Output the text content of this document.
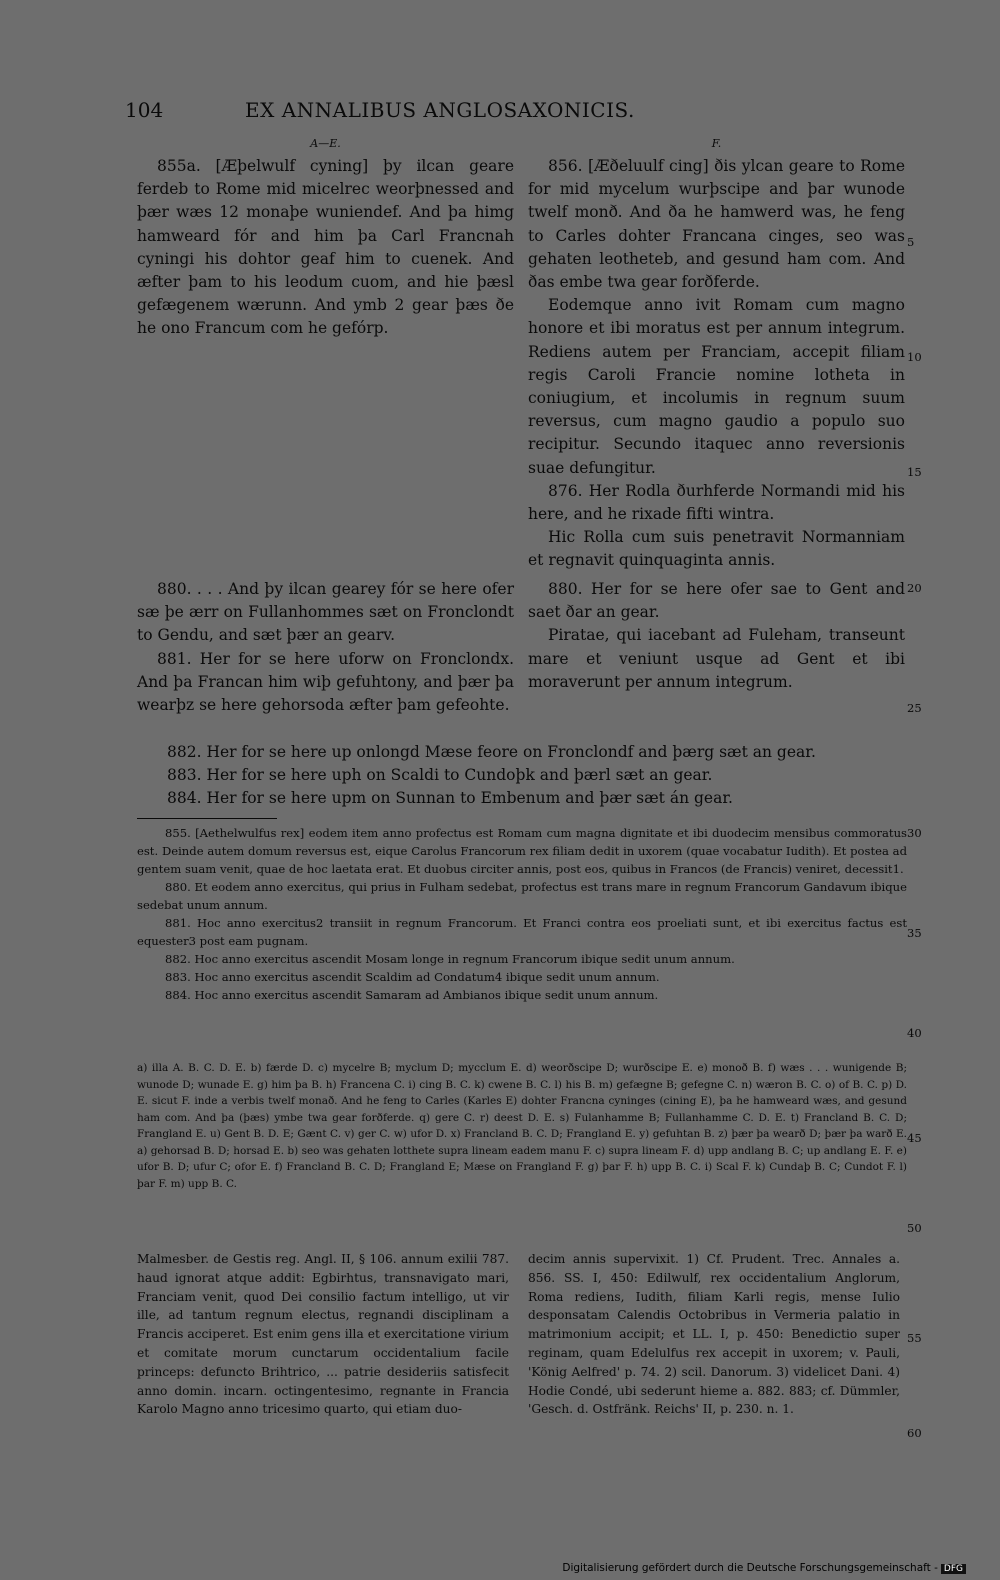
104	EX ANNALIBUS ANGLOSAXONICIS.
A—E.	F.

855a. [Æþelwulf cyning] þy ilcan geare ferdeb to Rome mid micelrec weorþnessed and þær wæs 12 monaþe wuniendef. And þa himg hamweard fór and him þa Carl Francnah cyningi his dohtor geaf him to cuenek. And æfter þam to his leodum cuom, and hie þæsl gefægenem wærunn. And ymb 2 gear þæs ðe he ono Francum com he gefórp.

856. [Æðeluulf cing] ðis ylcan geare to Rome for mid mycelum wurþscipe and þar wunode twelf monð. And ða he hamwerd was, he feng to Carles dohter Francana cinges, seo was gehaten leotheteb, and gesund ham com. And ðas embe twa gear forðferde.

Eodemque anno ivit Romam cum magno honore et ibi moratus est per annum integrum. Rediens autem per Franciam, accepit filiam regis Caroli Francie nomine lotheta in coniugium, et incolumis in regnum suum reversus, cum magno gaudio a populo suo recipitur. Secundo itaquec anno reversionis suae defungitur.

876. Her Rodla ðurhferde Normandi mid his here, and he rixade fifti wintra.

Hic Rolla cum suis penetravit Normanniam et regnavit quinquaginta annis.

880. . . . And þy ilcan gearey fór se here ofer sæ þe ærr on Fullanhommes sæt on Fronclondt to Gendu, and sæt þær an gearv.

881. Her for se here uforw on Fronclondx. And þa Francan him wiþ gefuhtony, and þær þa wearþz se here gehorsoda æfter þam gefeohte.

880. Her for se here ofer sae to Gent and saet ðar an gear.

Piratae, qui iacebant ad Fuleham, transeunt mare et veniunt usque ad Gent et ibi moraverunt per annum integrum.

882. Her for se here up onlongd Mæse feore on Fronclondf and þærg sæt an gear.

883. Her for se here uph on Scaldi to Cundoþk and þærl sæt an gear.

884. Her for se here upm on Sunnan to Embenum and þær sæt án gear.

855. [Aethelwulfus rex] eodem item anno profectus est Romam cum magna dignitate et ibi duodecim mensibus commoratus est. Deinde autem domum reversus est, eique Carolus Francorum rex filiam dedit in uxorem (quae vocabatur Iudith). Et postea ad gentem suam venit, quae de hoc laetata erat. Et duobus circiter annis, post eos, quibus in Francos (de Francis) veniret, decessit1.

880. Et eodem anno exercitus, qui prius in Fulham sedebat, profectus est trans mare in regnum Francorum Gandavum ibique sedebat unum annum.

881. Hoc anno exercitus2 transiit in regnum Francorum. Et Franci contra eos proeliati sunt, et ibi exercitus factus est equester3 post eam pugnam.

882. Hoc anno exercitus ascendit Mosam longe in regnum Francorum ibique sedit unum annum.

883. Hoc anno exercitus ascendit Scaldim ad Condatum4 ibique sedit unum annum.

884. Hoc anno exercitus ascendit Samaram ad Ambianos ibique sedit unum annum.

a) illa A. B. C. D. E. b) færde D. c) mycelre B; myclum D; mycclum E. d) weorðscipe D; wurðscipe E. e) monoð B. f) wæs . . . wunigende B; wunode D; wunade E. g) him þa B. h) Francena C. i) cing B. C. k) cwene B. C. l) his B. m) gefægne B; gefegne C. n) wæron B. C. o) of B. C. p) D. E. sicut F. inde a verbis twelf monað. And he feng to Carles (Karles E) dohter Francna cyninges (cining E), þa he hamweard wæs, and gesund ham com. And þa (þæs) ymbe twa gear forðferde. q) gere C. r) deest D. E. s) Fulanhamme B; Fullanhamme C. D. E. t) Francland B. C. D; Frangland E. u) Gent B. D. E; Gænt C. v) ger C. w) ufor D. x) Francland B. C. D; Frangland E. y) gefuhtan B. z) þær þa wearð D; þær þa warð E. a) gehorsad B. D; horsad E. b) seo was gehaten lotthete supra lineam eadem manu F. c) supra lineam F. d) upp andlang B. C; up andlang E. F. e) ufor B. D; ufur C; ofor E. f) Francland B. C. D; Frangland E; Mæse on Frangland F. g) þar F. h) upp B. C. i) Scal F. k) Cundaþ B. C; Cundot F. l) þar F. m) upp B. C.
Malmesber. de Gestis reg. Angl. II, § 106. annum exilii 787. haud ignorat atque addit: Egbirhtus, transnavigato mari, Franciam venit, quod Dei consilio factum intelligo, ut vir ille, ad tantum regnum electus, regnandi disciplinam a Francis acciperet. Est enim gens illa et exercitatione virium et comitate morum cunctarum occidentalium facile princeps: defuncto Brihtrico, ... patrie desideriis satisfecit anno domin. incarn. octingentesimo, regnante in Francia Karolo Magno anno tricesimo quarto, qui etiam duo-
decim annis supervixit. 1) Cf. Prudent. Trec. Annales a. 856. SS. I, 450: Edilwulf, rex occidentalium Anglorum, Roma rediens, Iudith, filiam Karli regis, mense Iulio desponsatam Calendis Octobribus in Vermeria palatio in matrimonium accipit; et LL. I, p. 450: Benedictio super reginam, quam Edelulfus rex accepit in uxorem; v. Pauli, 'König Aelfred' p. 74. 2) scil. Danorum. 3) videlicet Dani. 4) Hodie Condé, ubi sederunt hieme a. 882. 883; cf. Dümmler, 'Gesch. d. Ostfränk. Reichs' II, p. 230. n. 1.
5
10
15
20
25
30
35
40
45
50
55
60
Digitalisierung gefördert durch die Deutsche Forschungsgemeinschaft - DFG
